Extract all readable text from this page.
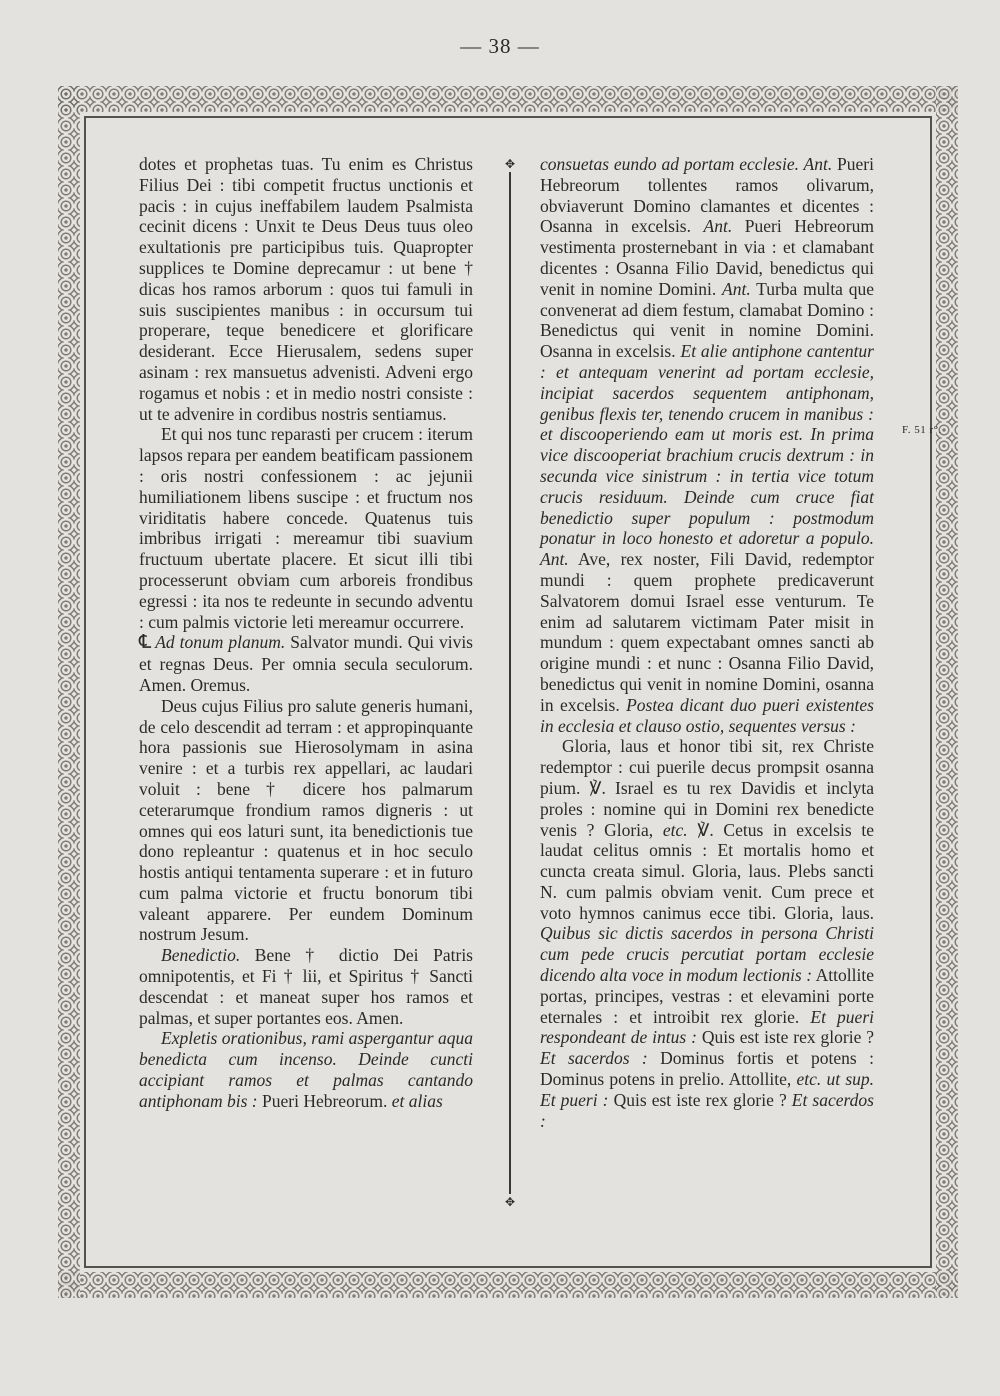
— 38 —

dotes et prophetas tuas. Tu enim es Christus Filius Dei : tibi competit fructus unctionis et pacis : in cujus ineffabilem laudem Psalmista cecinit dicens : Unxit te Deus Deus tuus oleo exultationis pre participibus tuis. Quapropter supplices te Domine deprecamur : ut bene † dicas hos ramos arborum : quos tui famuli in suis suscipientes manibus : in occursum tui properare, teque benedicere et glorificare desiderant. Ecce Hierusalem, sedens super asinam : rex mansuetus advenisti. Adveni ergo rogamus et nobis : et in medio nostri consiste : ut te advenire in cordibus nostris sentiamus.

Et qui nos tunc reparasti per crucem : iterum lapsos repara per eandem beatificam passionem : oris nostri confessionem : ac jejunii humiliationem libens suscipe : et fructum nos viriditatis habere concede. Quatenus tuis imbribus irrigati : mereamur tibi suavium fructuum ubertate placere. Et sicut illi tibi processerunt obviam cum arboreis frondibus egressi : ita nos te redeunte in secundo adventu : cum palmis victorie leti mereamur occurrere.

℄ Ad tonum planum. Salvator mundi. Qui vivis et regnas Deus. Per omnia secula seculorum. Amen. Oremus.

Deus cujus Filius pro salute generis humani, de celo descendit ad terram : et appropinquante hora passionis sue Hierosolymam in asina venire : et a turbis rex appellari, ac laudari voluit : bene † dicere hos palmarum ceterarumque frondium ramos digneris : ut omnes qui eos laturi sunt, ita benedictionis tue dono repleantur : quatenus et in hoc seculo hostis antiqui tentamenta superare : et in futuro cum palma victorie et fructu bonorum tibi valeant apparere. Per eundem Dominum nostrum Jesum.

Benedictio. Bene † dictio Dei Patris omnipotentis, et Fi † lii, et Spiritus † Sancti descendat : et maneat super hos ramos et palmas, et super portantes eos. Amen.

Expletis orationibus, rami aspergantur aqua benedicta cum incenso. Deinde cuncti accipiant ramos et palmas cantando antiphonam bis : Pueri Hebreorum. et alias

✥
✥

consuetas eundo ad portam ecclesie. Ant. Pueri Hebreorum tollentes ramos olivarum, obviaverunt Domino clamantes et dicentes : Osanna in excelsis. Ant. Pueri Hebreorum vestimenta prosternebant in via : et clamabant dicentes : Osanna Filio David, benedictus qui venit in nomine Domini. Ant. Turba multa que convenerat ad diem festum, clamabat Domino : Benedictus qui venit in nomine Domini. Osanna in excelsis. Et alie antiphone cantentur : et antequam venerint ad portam ecclesie, incipiat sacerdos sequentem antiphonam, genibus flexis ter, tenendo crucem in manibus : et discooperiendo eam ut moris est. In prima vice discooperiat brachium crucis dextrum : in secunda vice sinistrum : in tertia vice totum crucis residuum. Deinde cum cruce fiat benedictio super populum : postmodum ponatur in loco honesto et adoretur a populo. Ant. Ave, rex noster, Fili David, redemptor mundi : quem prophete predicaverunt Salvatorem domui Israel esse venturum. Te enim ad salutarem victimam Pater misit in mundum : quem expectabant omnes sancti ab origine mundi : et nunc : Osanna Filio David, benedictus qui venit in nomine Domini, osanna in excelsis. Postea dicant duo pueri existentes in ecclesia et clauso ostio, sequentes versus :

Gloria, laus et honor tibi sit, rex Christe redemptor : cui puerile decus prompsit osanna pium. ℣. Israel es tu rex Davidis et inclyta proles : nomine qui in Domini rex benedicte venis ? Gloria, etc. ℣. Cetus in excelsis te laudat celitus omnis : Et mortalis homo et cuncta creata simul. Gloria, laus. Plebs sancti N. cum palmis obviam venit. Cum prece et voto hymnos canimus ecce tibi. Gloria, laus. Quibus sic dictis sacerdos in persona Christi cum pede crucis percutiat portam ecclesie dicendo alta voce in modum lectionis : Attollite portas, principes, vestras : et elevamini porte eternales : et introibit rex glorie. Et pueri respondeant de intus : Quis est iste rex glorie ? Et sacerdos : Dominus fortis et potens : Dominus potens in prelio. Attollite, etc. ut sup. Et pueri : Quis est iste rex glorie ? Et sacerdos :

F. 51 r°.
